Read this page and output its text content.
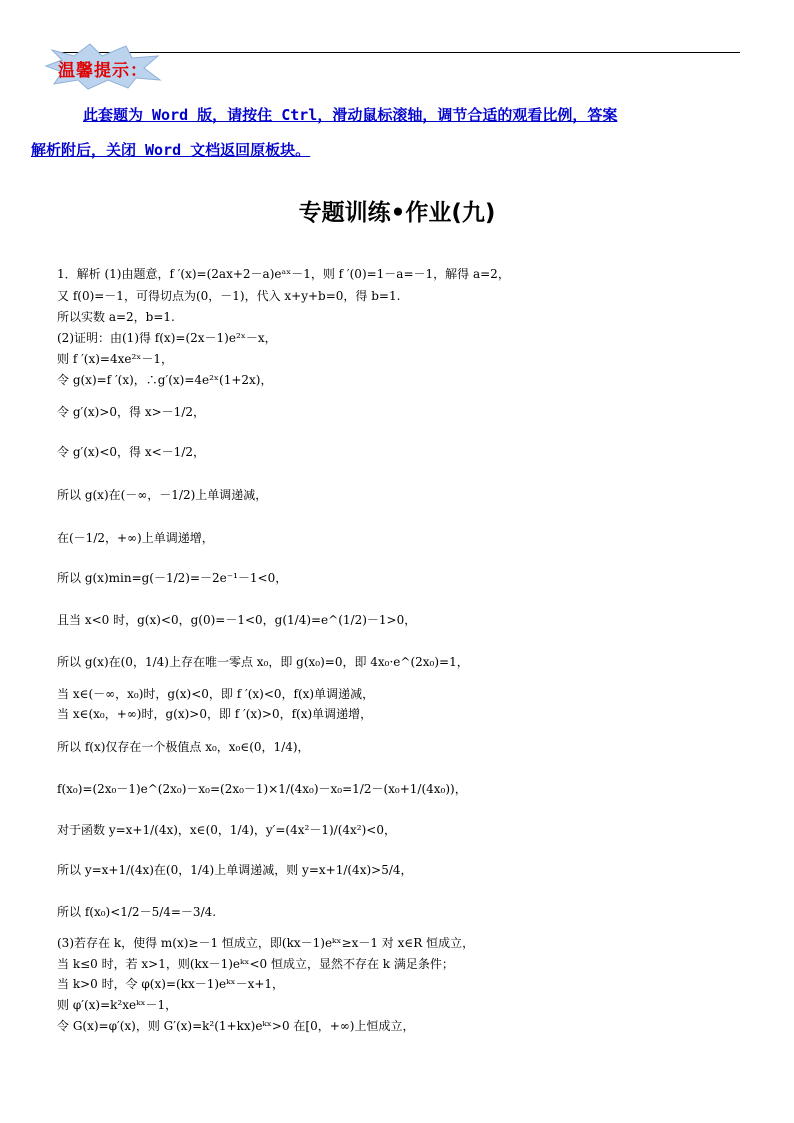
温馨提示：
此套题为 Word 版，请按住 Ctrl，滑动鼠标滚轴，调节合适的观看比例，答案
解析附后，关闭 Word 文档返回原板块。
专题训练•作业(九)
1．解析 (1)由题意，f ′(x)=(2ax+2－a)eᵃˣ－1，则 f ′(0)=1－a=－1，解得 a=2，
又 f(0)=－1，可得切点为(0，－1)，代入 x+y+b=0，得 b=1.
所以实数 a=2，b=1.
(2)证明：由(1)得 f(x)=(2x－1)e²ˣ－x，
则 f ′(x)=4xe²ˣ－1，
令 g(x)=f ′(x)，∴g′(x)=4e²ˣ(1+2x)，
令 g′(x)>0，得 x>－1/2，
令 g′(x)<0，得 x<－1/2，
所以 g(x)在(－∞，－1/2)上单调递减，
在(－1/2，+∞)上单调递增，
所以 g(x)min=g(－1/2)=－2e⁻¹－1<0，
且当 x<0 时，g(x)<0，g(0)=－1<0，g(1/4)=e^(1/2)－1>0，
所以 g(x)在(0，1/4)上存在唯一零点 x₀，即 g(x₀)=0，即 4x₀·e^(2x₀)=1，
当 x∈(－∞，x₀)时，g(x)<0，即 f ′(x)<0，f(x)单调递减，
当 x∈(x₀，+∞)时，g(x)>0，即 f ′(x)>0，f(x)单调递增，
所以 f(x)仅存在一个极值点 x₀，x₀∈(0，1/4)，
f(x₀)=(2x₀－1)e^(2x₀)－x₀=(2x₀－1)×1/(4x₀)－x₀=1/2－(x₀+1/(4x₀))，
对于函数 y=x+1/(4x)，x∈(0，1/4)，y′=(4x²－1)/(4x²)<0，
所以 y=x+1/(4x)在(0，1/4)上单调递减，则 y=x+1/(4x)>5/4，
所以 f(x₀)<1/2－5/4=－3/4.
(3)若存在 k，使得 m(x)≥－1 恒成立，即(kx－1)eᵏˣ≥x－1 对 x∈R 恒成立，
当 k≤0 时，若 x>1，则(kx－1)eᵏˣ<0 恒成立，显然不存在 k 满足条件；
当 k>0 时，令 φ(x)=(kx－1)eᵏˣ－x+1，
则 φ′(x)=k²xeᵏˣ－1，
令 G(x)=φ′(x)，则 G′(x)=k²(1+kx)eᵏˣ>0 在[0，+∞)上恒成立，
